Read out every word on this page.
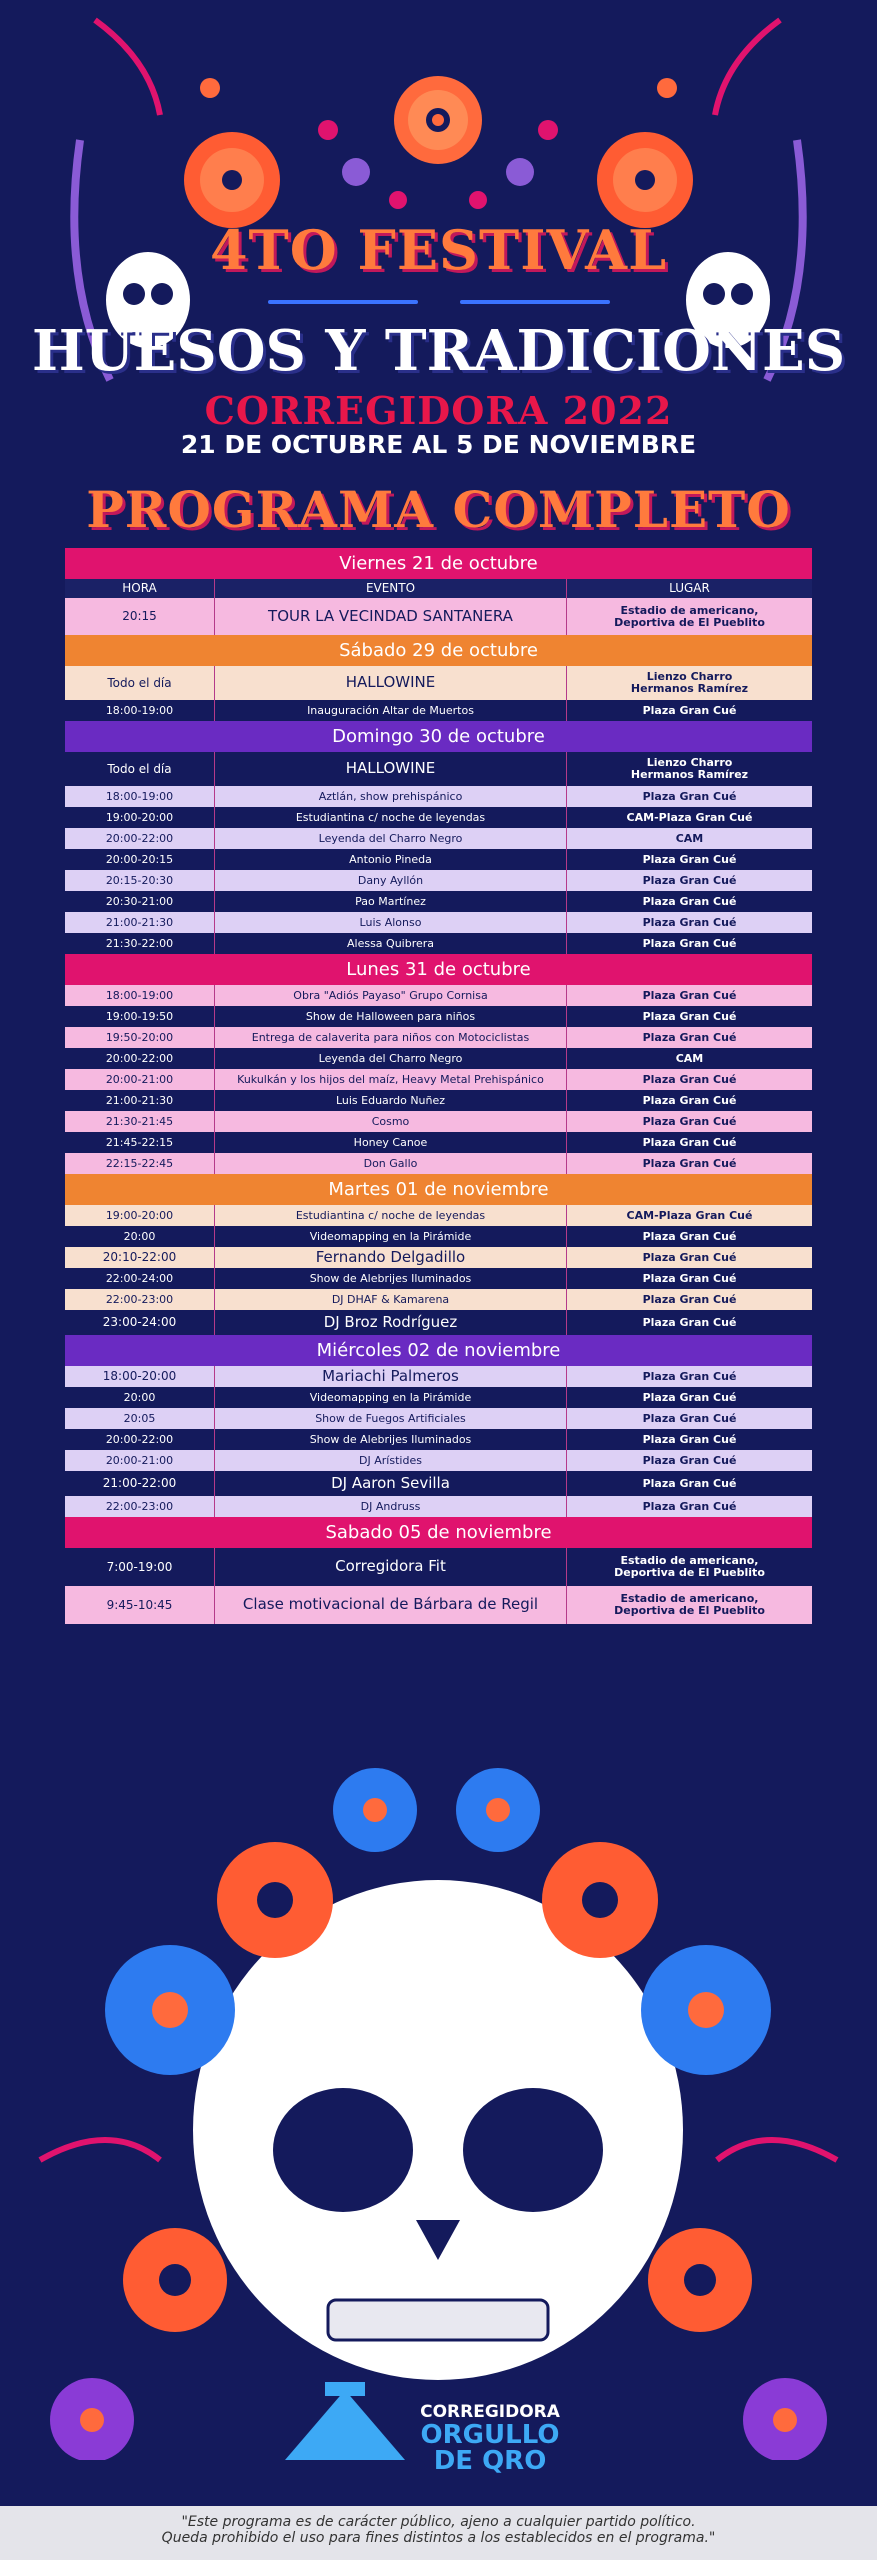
4TO FESTIVAL
HUESOS Y TRADICIONES
CORREGIDORA 2022
21 DE OCTUBRE AL 5 DE NOVIEMBRE
PROGRAMA COMPLETO
Viernes 21 de octubre
HORA	EVENTO	LUGAR
20:15	TOUR LA VECINDAD SANTANERA	Estadio de americano,
Deportiva de El Pueblito
Sábado 29 de octubre
Todo el día	HALLOWINE	Lienzo Charro
Hermanos Ramírez
18:00-19:00	Inauguración Altar de Muertos	Plaza Gran Cué
Domingo 30 de octubre
Todo el día	HALLOWINE	Lienzo Charro
Hermanos Ramírez
18:00-19:00	Aztlán, show prehispánico	Plaza Gran Cué
19:00-20:00	Estudiantina c/ noche de leyendas	CAM-Plaza Gran Cué
20:00-22:00	Leyenda del Charro Negro	CAM
20:00-20:15	Antonio Pineda	Plaza Gran Cué
20:15-20:30	Dany Ayllón	Plaza Gran Cué
20:30-21:00	Pao Martínez	Plaza Gran Cué
21:00-21:30	Luis Alonso	Plaza Gran Cué
21:30-22:00	Alessa Quibrera	Plaza Gran Cué
Lunes 31 de octubre
18:00-19:00	Obra "Adiós Payaso" Grupo Cornisa	Plaza Gran Cué
19:00-19:50	Show de Halloween para niños	Plaza Gran Cué
19:50-20:00	Entrega de calaverita para niños con Motociclistas	Plaza Gran Cué
20:00-22:00	Leyenda del Charro Negro	CAM
20:00-21:00	Kukulkán y los hijos del maíz, Heavy Metal Prehispánico	Plaza Gran Cué
21:00-21:30	Luis Eduardo Nuñez	Plaza Gran Cué
21:30-21:45	Cosmo	Plaza Gran Cué
21:45-22:15	Honey Canoe	Plaza Gran Cué
22:15-22:45	Don Gallo	Plaza Gran Cué
Martes 01 de noviembre
19:00-20:00	Estudiantina c/ noche de leyendas	CAM-Plaza Gran Cué
20:00	Videomapping en la Pirámide	Plaza Gran Cué
20:10-22:00	Fernando Delgadillo	Plaza Gran Cué
22:00-24:00	Show de Alebrijes Iluminados	Plaza Gran Cué
22:00-23:00	DJ DHAF & Kamarena	Plaza Gran Cué
23:00-24:00	DJ Broz Rodríguez	Plaza Gran Cué
Miércoles 02 de noviembre
18:00-20:00	Mariachi Palmeros	Plaza Gran Cué
20:00	Videomapping en la Pirámide	Plaza Gran Cué
20:05	Show de Fuegos Artificiales	Plaza Gran Cué
20:00-22:00	Show de Alebrijes Iluminados	Plaza Gran Cué
20:00-21:00	DJ Arístides	Plaza Gran Cué
21:00-22:00	DJ Aaron Sevilla	Plaza Gran Cué
22:00-23:00	DJ Andruss	Plaza Gran Cué
Sabado 05 de noviembre
7:00-19:00	Corregidora Fit	Estadio de americano,
Deportiva de El Pueblito
9:45-10:45	Clase motivacional de Bárbara de Regil	Estadio de americano,
Deportiva de El Pueblito
CORREGIDORA
ORGULLO
DE QRO
"Este programa es de carácter público, ajeno a cualquier partido político.
Queda prohibido el uso para fines distintos a los establecidos en el programa."
